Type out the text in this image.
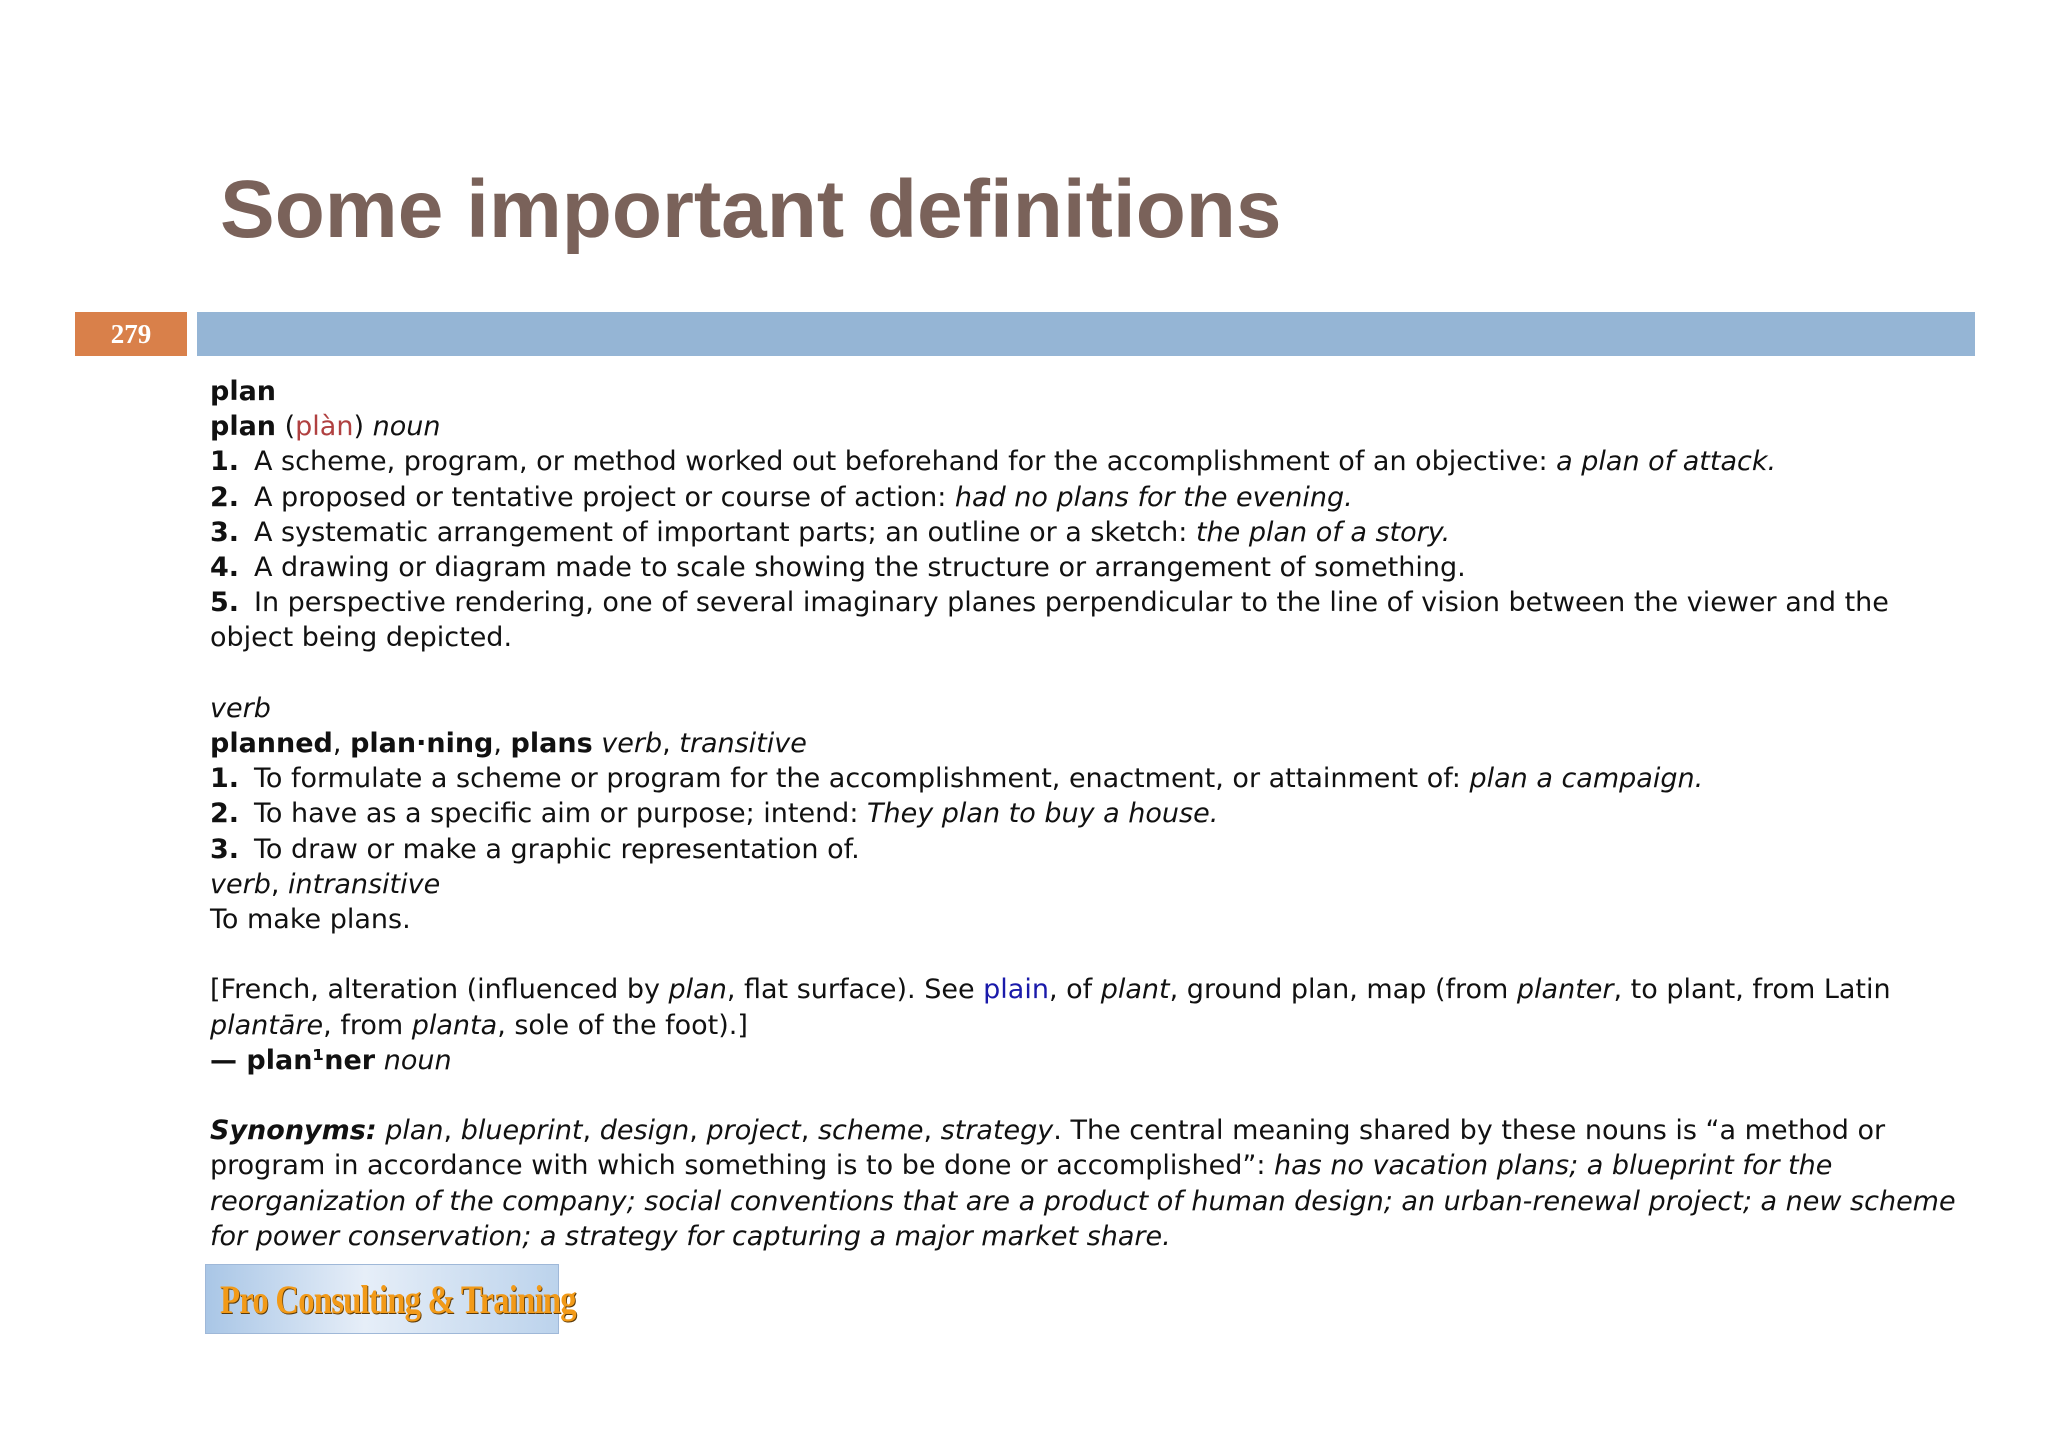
Some important definitions
279
plan
plan (plàn) noun
1. A scheme, program, or method worked out beforehand for the accomplishment of an objective: a plan of attack.
2. A proposed or tentative project or course of action: had no plans for the evening.
3. A systematic arrangement of important parts; an outline or a sketch: the plan of a story.
4. A drawing or diagram made to scale showing the structure or arrangement of something.
5. In perspective rendering, one of several imaginary planes perpendicular to the line of vision between the viewer and the
object being depicted.
verb
planned, plan·ning, plans verb, transitive
1. To formulate a scheme or program for the accomplishment, enactment, or attainment of: plan a campaign.
2. To have as a specific aim or purpose; intend: They plan to buy a house.
3. To draw or make a graphic representation of.
verb, intransitive
To make plans.
[French, alteration (influenced by plan, flat surface). See plain, of plant, ground plan, map (from planter, to plant, from Latin
plantāre, from planta, sole of the foot).]
— plan¹ner noun
Synonyms: plan, blueprint, design, project, scheme, strategy. The central meaning shared by these nouns is “a method or
program in accordance with which something is to be done or accomplished”: has no vacation plans; a blueprint for the
reorganization of the company; social conventions that are a product of human design; an urban-renewal project; a new scheme
for power conservation; a strategy for capturing a major market share.
Pro Consulting & Training
